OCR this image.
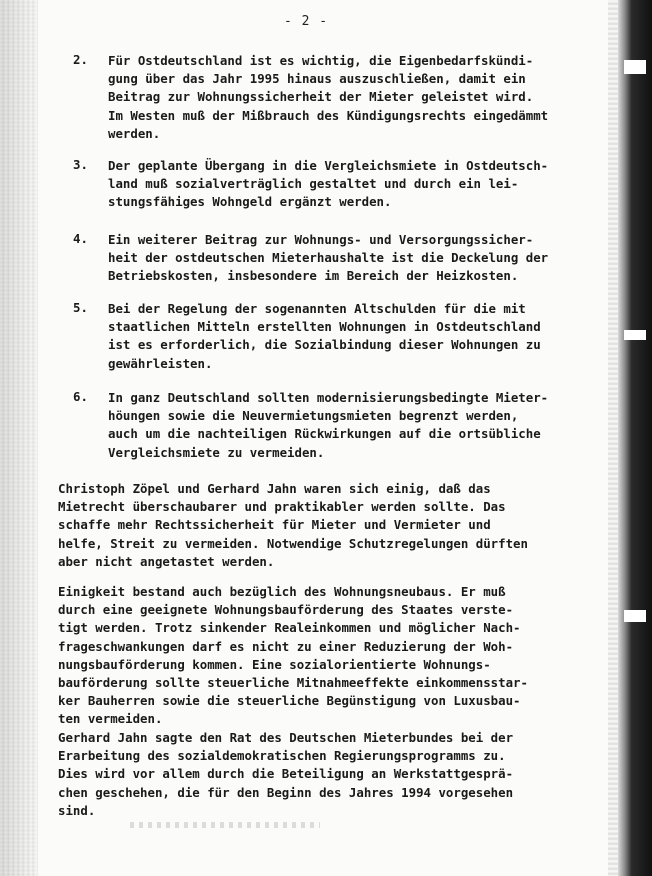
- 2 -
2. Für Ostdeutschland ist es wichtig, die Eigenbedarfskündi-
gung über das Jahr 1995 hinaus auszuschließen, damit ein
Beitrag zur Wohnungssicherheit der Mieter geleistet wird.
Im Westen muß der Mißbrauch des Kündigungsrechts eingedämmt
werden.
3. Der geplante Übergang in die Vergleichsmiete in Ostdeutsch-
land muß sozialverträglich gestaltet und durch ein lei-
stungsfähiges Wohngeld ergänzt werden.
4. Ein weiterer Beitrag zur Wohnungs- und Versorgungssicher-
heit der ostdeutschen Mieterhaushalte ist die Deckelung der
Betriebskosten, insbesondere im Bereich der Heizkosten.
5. Bei der Regelung der sogenannten Altschulden für die mit
staatlichen Mitteln erstellten Wohnungen in Ostdeutschland
ist es erforderlich, die Sozialbindung dieser Wohnungen zu
gewährleisten.
6. In ganz Deutschland sollten modernisierungsbedingte Mieter-
höungen sowie die Neuvermietungsmieten begrenzt werden,
auch um die nachteiligen Rückwirkungen auf die ortsübliche
Vergleichsmiete zu vermeiden.
Christoph Zöpel und Gerhard Jahn waren sich einig, daß das
Mietrecht überschaubarer und praktikabler werden sollte. Das
schaffe mehr Rechtssicherheit für Mieter und Vermieter und
helfe, Streit zu vermeiden. Notwendige Schutzregelungen dürften
aber nicht angetastet werden.
Einigkeit bestand auch bezüglich des Wohnungsneubaus. Er muß
durch eine geeignete Wohnungsbauförderung des Staates verste-
tigt werden. Trotz sinkender Realeinkommen und möglicher Nach-
frageschwankungen darf es nicht zu einer Reduzierung der Woh-
nungsbauförderung kommen. Eine sozialorientierte Wohnungs-
bauförderung sollte steuerliche Mitnahmeeffekte einkommensstar-
ker Bauherren sowie die steuerliche Begünstigung von Luxusbau-
ten vermeiden.
Gerhard Jahn sagte den Rat des Deutschen Mieterbundes bei der
Erarbeitung des sozialdemokratischen Regierungsprogramms zu.
Dies wird vor allem durch die Beteiligung an Werkstattgesprä-
chen geschehen, die für den Beginn des Jahres 1994 vorgesehen
sind.
